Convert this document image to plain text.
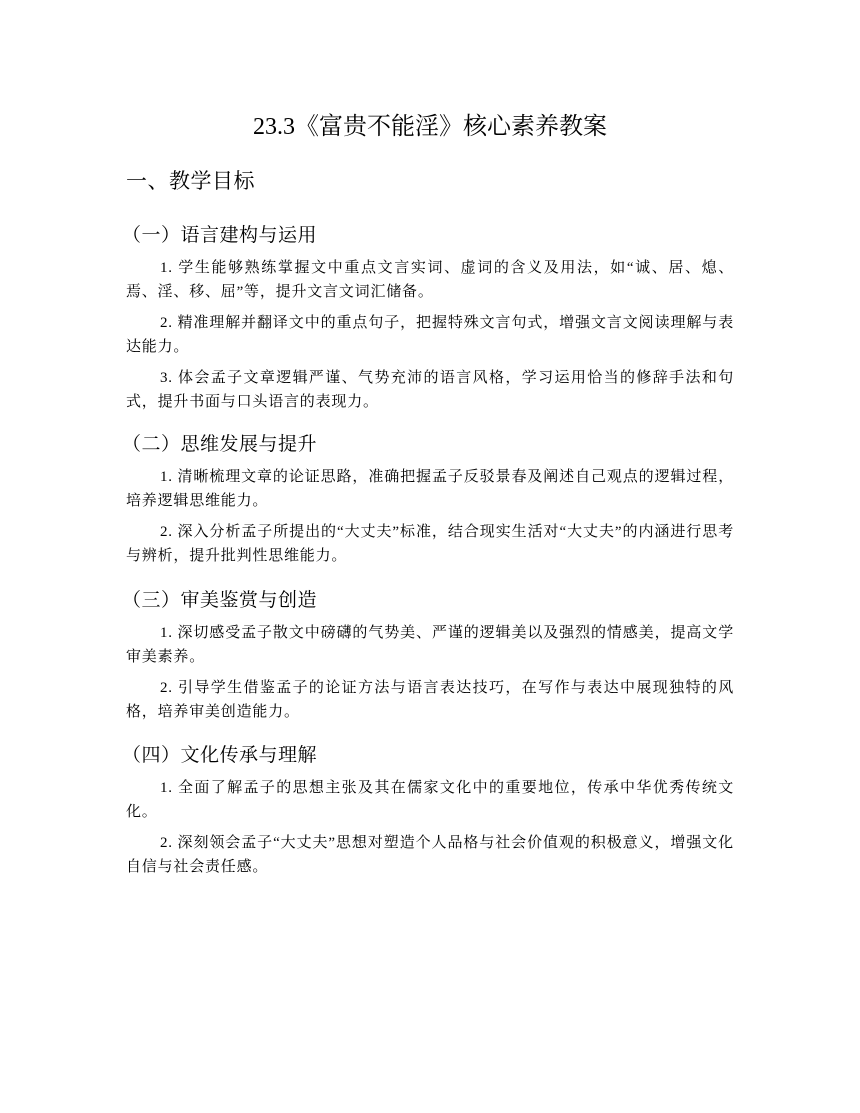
23.3《富贵不能淫》核心素养教案
一、教学目标
（一）语言建构与运用

1. 学生能够熟练掌握文中重点文言实词、虚词的含义及用法，如“诚、居、熄、焉、淫、移、屈”等，提升文言文词汇储备。

2. 精准理解并翻译文中的重点句子，把握特殊文言句式，增强文言文阅读理解与表达能力。

3. 体会孟子文章逻辑严谨、气势充沛的语言风格，学习运用恰当的修辞手法和句式，提升书面与口头语言的表现力。

（二）思维发展与提升

1. 清晰梳理文章的论证思路，准确把握孟子反驳景春及阐述自己观点的逻辑过程，培养逻辑思维能力。

2. 深入分析孟子所提出的“大丈夫”标准，结合现实生活对“大丈夫”的内涵进行思考与辨析，提升批判性思维能力。

（三）审美鉴赏与创造

1. 深切感受孟子散文中磅礴的气势美、严谨的逻辑美以及强烈的情感美，提高文学审美素养。

2. 引导学生借鉴孟子的论证方法与语言表达技巧，在写作与表达中展现独特的风格，培养审美创造能力。

（四）文化传承与理解

1. 全面了解孟子的思想主张及其在儒家文化中的重要地位，传承中华优秀传统文化。

2. 深刻领会孟子“大丈夫”思想对塑造个人品格与社会价值观的积极意义，增强文化自信与社会责任感。
